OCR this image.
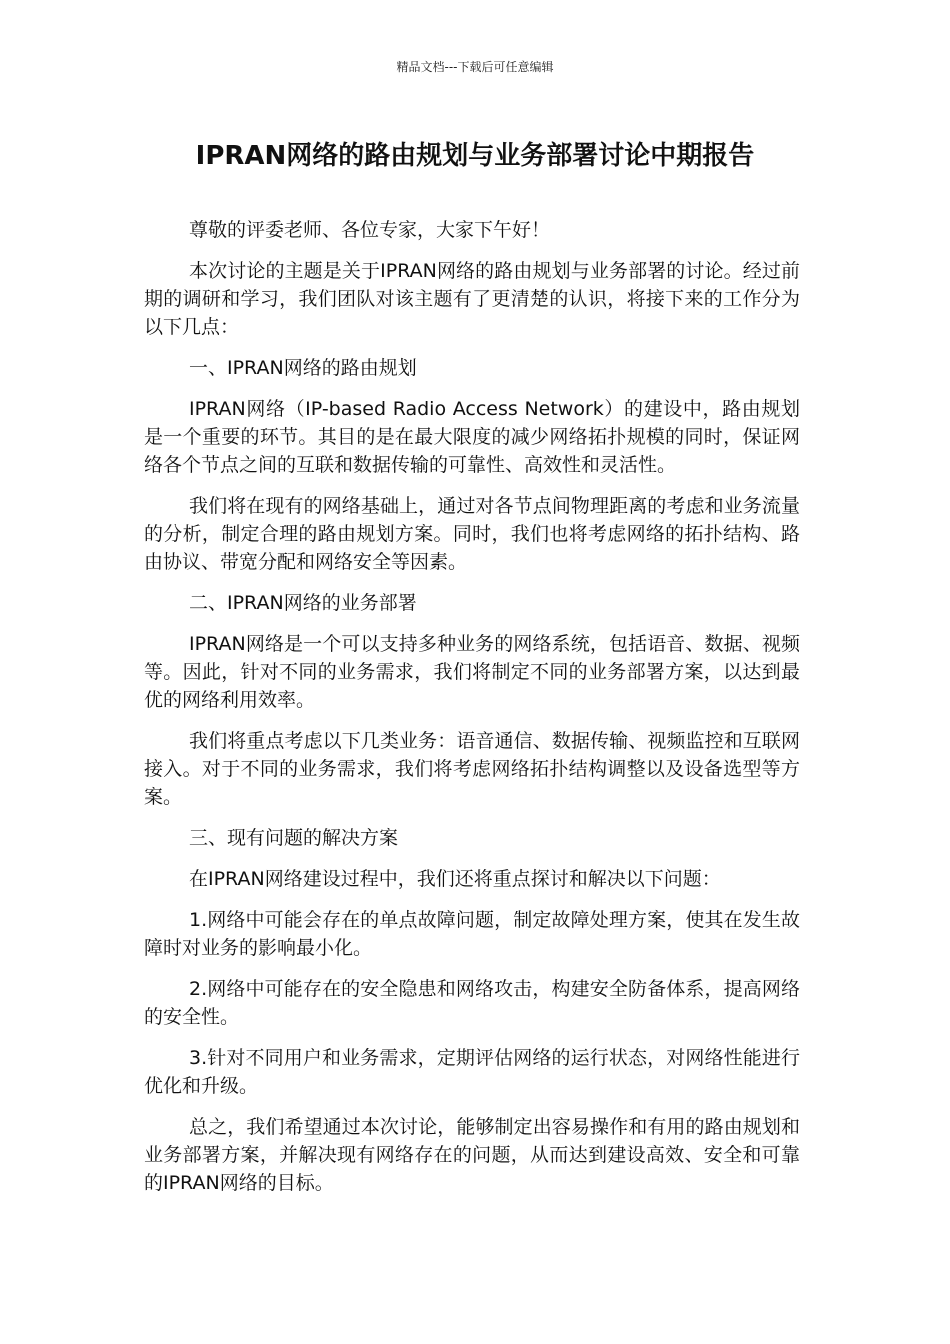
精品文档---下载后可任意编辑
IPRAN网络的路由规划与业务部署讨论中期报告

尊敬的评委老师、各位专家，大家下午好！

本次讨论的主题是关于IPRAN网络的路由规划与业务部署的讨论。经过前期的调研和学习，我们团队对该主题有了更清楚的认识，将接下来的工作分为以下几点：

一、IPRAN网络的路由规划

IPRAN网络（IP-based Radio Access Network）的建设中，路由规划是一个重要的环节。其目的是在最大限度的减少网络拓扑规模的同时，保证网络各个节点之间的互联和数据传输的可靠性、高效性和灵活性。

我们将在现有的网络基础上，通过对各节点间物理距离的考虑和业务流量的分析，制定合理的路由规划方案。同时，我们也将考虑网络的拓扑结构、路由协议、带宽分配和网络安全等因素。

二、IPRAN网络的业务部署

IPRAN网络是一个可以支持多种业务的网络系统，包括语音、数据、视频等。因此，针对不同的业务需求，我们将制定不同的业务部署方案，以达到最优的网络利用效率。

我们将重点考虑以下几类业务：语音通信、数据传输、视频监控和互联网接入。对于不同的业务需求，我们将考虑网络拓扑结构调整以及设备选型等方案。

三、现有问题的解决方案

在IPRAN网络建设过程中，我们还将重点探讨和解决以下问题：

1.网络中可能会存在的单点故障问题，制定故障处理方案，使其在发生故障时对业务的影响最小化。

2.网络中可能存在的安全隐患和网络攻击，构建安全防备体系，提高网络的安全性。

3.针对不同用户和业务需求，定期评估网络的运行状态，对网络性能进行优化和升级。

总之，我们希望通过本次讨论，能够制定出容易操作和有用的路由规划和业务部署方案，并解决现有网络存在的问题，从而达到建设高效、安全和可靠的IPRAN网络的目标。
